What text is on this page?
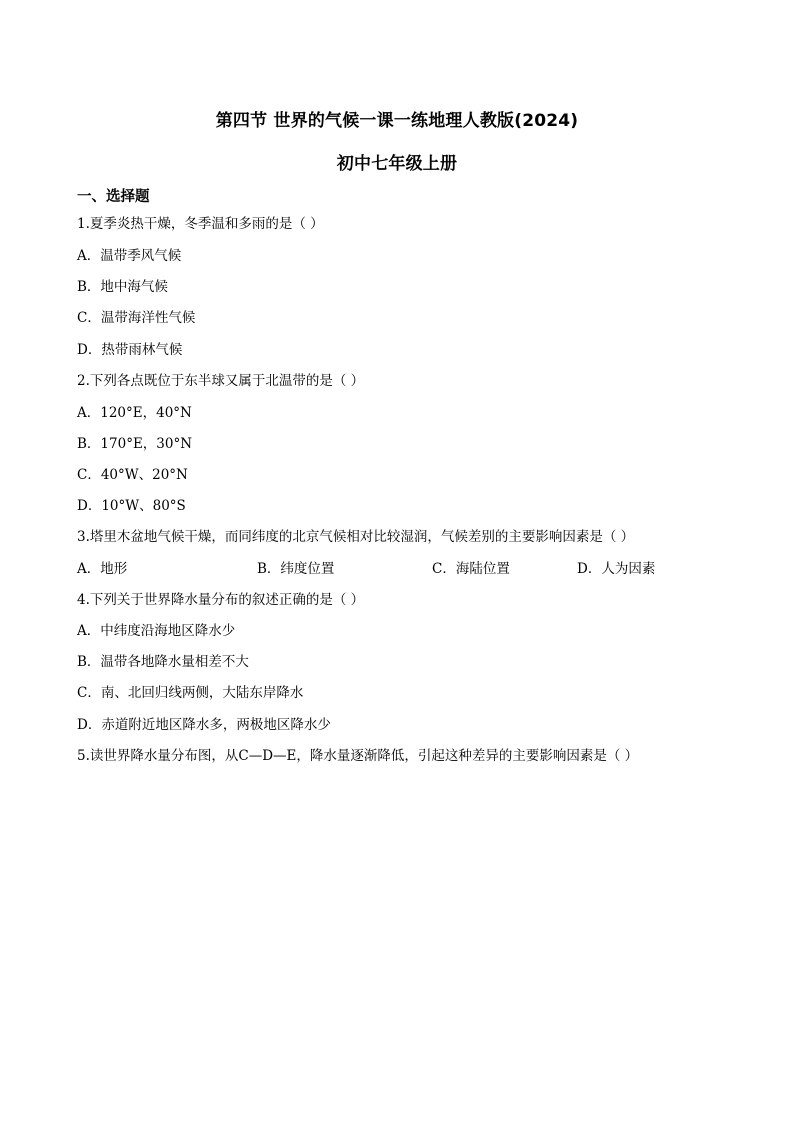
第四节 世界的气候一课一练地理人教版(2024)
初中七年级上册
一、选择题
1.夏季炎热干燥，冬季温和多雨的是（ ）
A．温带季风气候
B．地中海气候
C．温带海洋性气候
D．热带雨林气候
2.下列各点既位于东半球又属于北温带的是（ ）
A．120°E，40°N
B．170°E，30°N
C．40°W、20°N
D．10°W、80°S
3.塔里木盆地气候干燥，而同纬度的北京气候相对比较湿润，气候差别的主要影响因素是（ ）
A．地形	B．纬度位置	C．海陆位置	D．人为因素
4.下列关于世界降水量分布的叙述正确的是（ ）
A．中纬度沿海地区降水少
B．温带各地降水量相差不大
C．南、北回归线两侧，大陆东岸降水
D．赤道附近地区降水多，两极地区降水少
5.读世界降水量分布图，从C—D—E，降水量逐渐降低，引起这种差异的主要影响因素是（ ）
